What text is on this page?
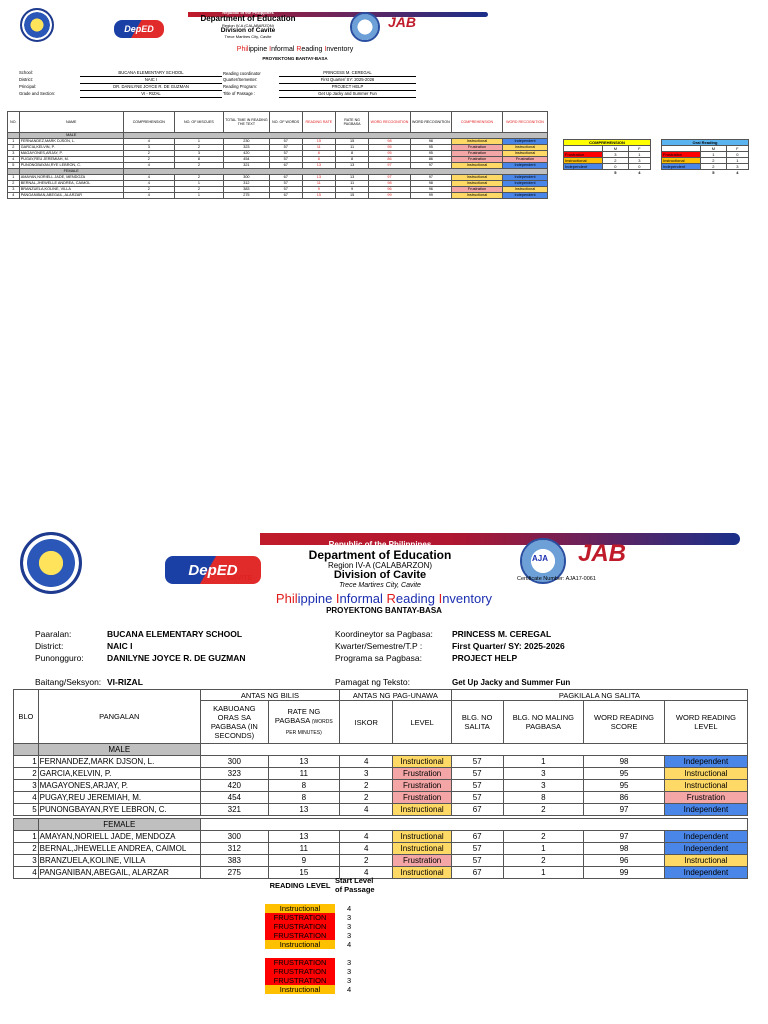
DepED
Republic of the Philippines
Department of Education
Region IV-A (CALABARZON)
Division of Cavite
Trece Martires City, Cavite
JAB
Philippine Informal Reading Inventory
PROYEKTONG BANTAY-BASA
School:	BUCANA ELEMENTARY SCHOOL	Reading coordinator	PRINCESS M. CEREGAL
District:	NAIC I	Quarter/Semester:	First Quarter/ SY: 2025-2026
Principal:	DR. DANILYNE JOYCE R. DE GUZMAN	Reading Program:	PROJECT HELP
Grade and Section:	VI - RIZAL	Title of Passage :	Get Up Jacky and Summer Fun
NO.	NAME	COMPREHENSION	NO. OF MISCUES	TOTAL TIME IN READING THE TEXT	NO. OF WORDS	READING RATE	RATE NG PAGBASA	WORD RECOGNITION	WORD RECOGNITION	COMPREHENSION	WORD RECOGNITION
	MALE										
1	FERNANDEZ,MARK DJSON, L.	4	1	230	57	15	15	98	98	Instructional	Independent
2	GARCIA,KELVIN, P.	3	2	323	57	11	11	95	95	Frustration	Instructional
3	MAGAYONES,ARJAY, P.	2	3	420	57	8	8	95	95	Frustration	Instructional
4	PUGAY,REU JEREMIAH, M.	2	8	454	57	8	8	86	86	Frustration	Frustration
5	PUNONGBAYAN,RYE LEBRON, C.	4	2	321	67	13	13	97	97	Instructional	Independent
	FEMALE										
1	AMAYAN,NORIELL JADE, MENDOZA	4	2	300	67	13	13	97	97	Instructional	Independent
2	BERNAL,JHEWELLE ANDREA, CAIMOL	4	1	312	57	11	11	98	98	Instructional	Independent
3	BRANZUELA,KOLINE, VILLA	2	2	383	57	9	9	96	96	Frustration	Instructional
4	PANGANIBAN,ABEGAIL, ALARZAR	4	1	275	67	15	15	99	99	Instructional	Independent
COMPREHENSION		
	M	F
Frustration	3	1
Instructional	2	3
Independent	0	0
	5	4
Oral Reading		
	M	F
Frustration	1	0
Instructional	2	1
Independent	2	3
	5	4
DepED
CAVITE
Republic of the Philippines
Department of Education
Region IV-A (CALABARZON)
Division of Cavite
Trece Martires City, Cavite
AJA JAB
Certificate Number: AJA17-0061
Philippine Informal Reading Inventory
PROYEKTONG BANTAY-BASA
Paaralan:	BUCANA ELEMENTARY SCHOOL
District:	NAIC I
Punongguro:	DANILYNE JOYCE R. DE GUZMAN
Baitang/Seksyon: VI-RIZAL
Koordineytor sa Pagbasa: PRINCESS M. CEREGAL
Kwarter/Semestre/T.P :	First Quarter/ SY: 2025-2026
Programa sa Pagbasa:	PROJECT HELP
Pamagat ng Teksto:	Get Up Jacky and Summer Fun
BLO	PANGALAN	ANTAS NG BILIS		ANTAS NG PAG-UNAWA		PAGKILALA NG SALITA			
		KABUOANG ORAS SA PAGBASA (IN SECONDS)	RATE NG PAGBASA (WORDS PER MINUTES)	ISKOR	LEVEL	BLG. NO SALITA	BLG. NO MALING PAGBASA	WORD READING SCORE	WORD READING LEVEL
	MALE								
1	FERNANDEZ,MARK DJSON, L.	300	13	4	Instructional	57	1	98	Independent
2	GARCIA,KELVIN, P.	323	11	3	Frustration	57	3	95	Instructional
3	MAGAYONES,ARJAY, P.	420	8	2	Frustration	57	3	95	Instructional
4	PUGAY,REU JEREMIAH, M.	454	8	2	Frustration	57	8	86	Frustration
5	PUNONGBAYAN,RYE LEBRON, C.	321	13	4	Instructional	67	2	97	Independent

	FEMALE								
1	AMAYAN,NORIELL JADE, MENDOZA	300	13	4	Instructional	67	2	97	Independent
2	BERNAL,JHEWELLE ANDREA, CAIMOL	312	11	4	Instructional	57	1	98	Independent
3	BRANZUELA,KOLINE, VILLA	383	9	2	Frustration	57	2	96	Instructional
4	PANGANIBAN,ABEGAIL, ALARZAR	275	15	4	Instructional	67	1	99	Independent
READING LEVEL	Start Level of Passage
Instructional	4
FRUSTRATION	3
FRUSTRATION	3
FRUSTRATION	3
Instructional	4

FRUSTRATION	3
FRUSTRATION	3
FRUSTRATION	3
Instructional	4
